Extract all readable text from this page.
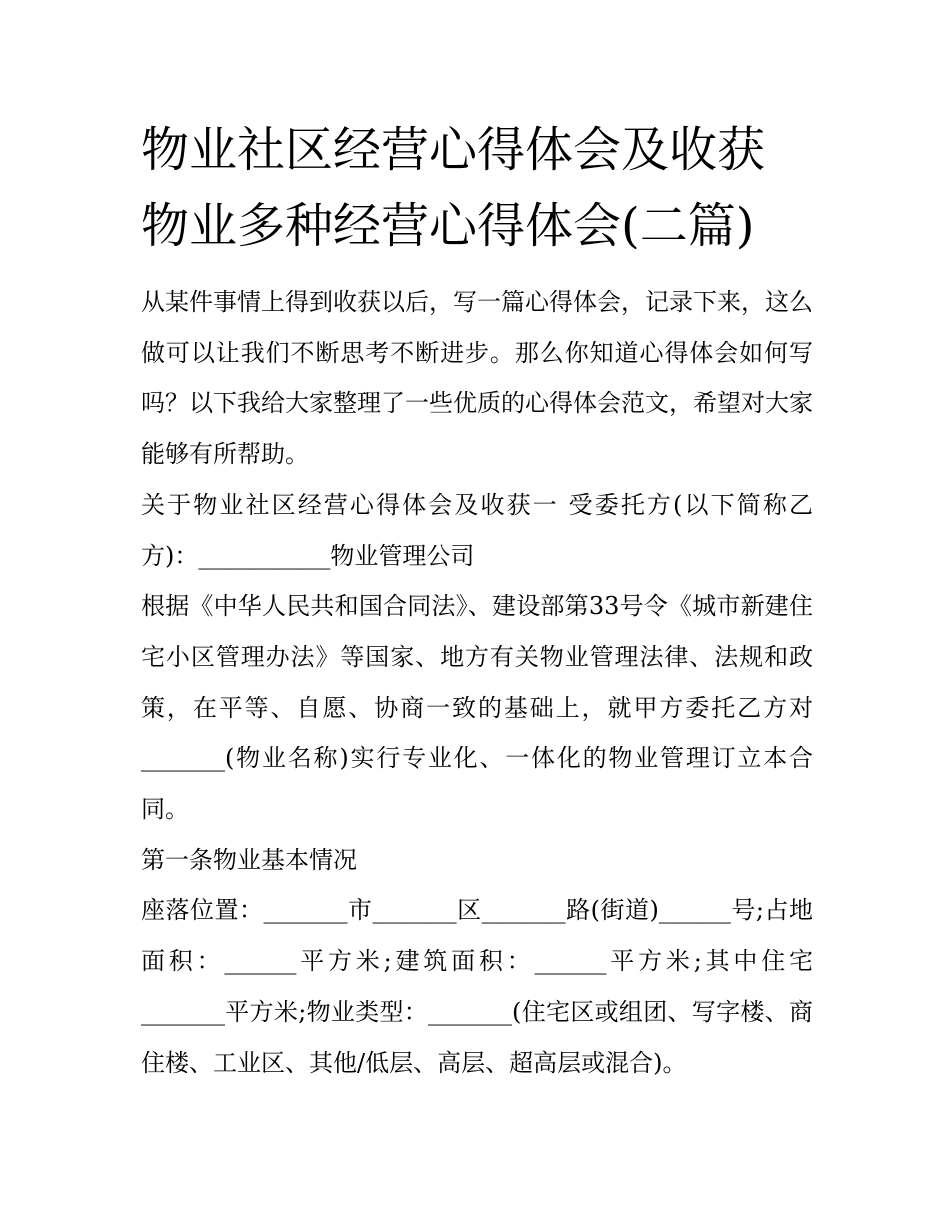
物业社区经营心得体会及收获
物业多种经营心得体会(二篇)

从某件事情上得到收获以后，写一篇心得体会，记录下来，这么做可以让我们不断思考不断进步。那么你知道心得体会如何写吗？以下我给大家整理了一些优质的心得体会范文，希望对大家能够有所帮助。

关于物业社区经营心得体会及收获一 受委托方(以下简称乙方)：___________物业管理公司

根据《中华人民共和国合同法》、建设部第33号令《城市新建住宅小区管理办法》等国家、地方有关物业管理法律、法规和政策，在平等、自愿、协商一致的基础上，就甲方委托乙方对_______(物业名称)实行专业化、一体化的物业管理订立本合同。

第一条物业基本情况

座落位置：_______市_______区_______路(街道)______号;占地面积：______平方米;建筑面积：______平方米;其中住宅_______平方米;物业类型：_______(住宅区或组团、写字楼、商住楼、工业区、其他/低层、高层、超高层或混合)。
